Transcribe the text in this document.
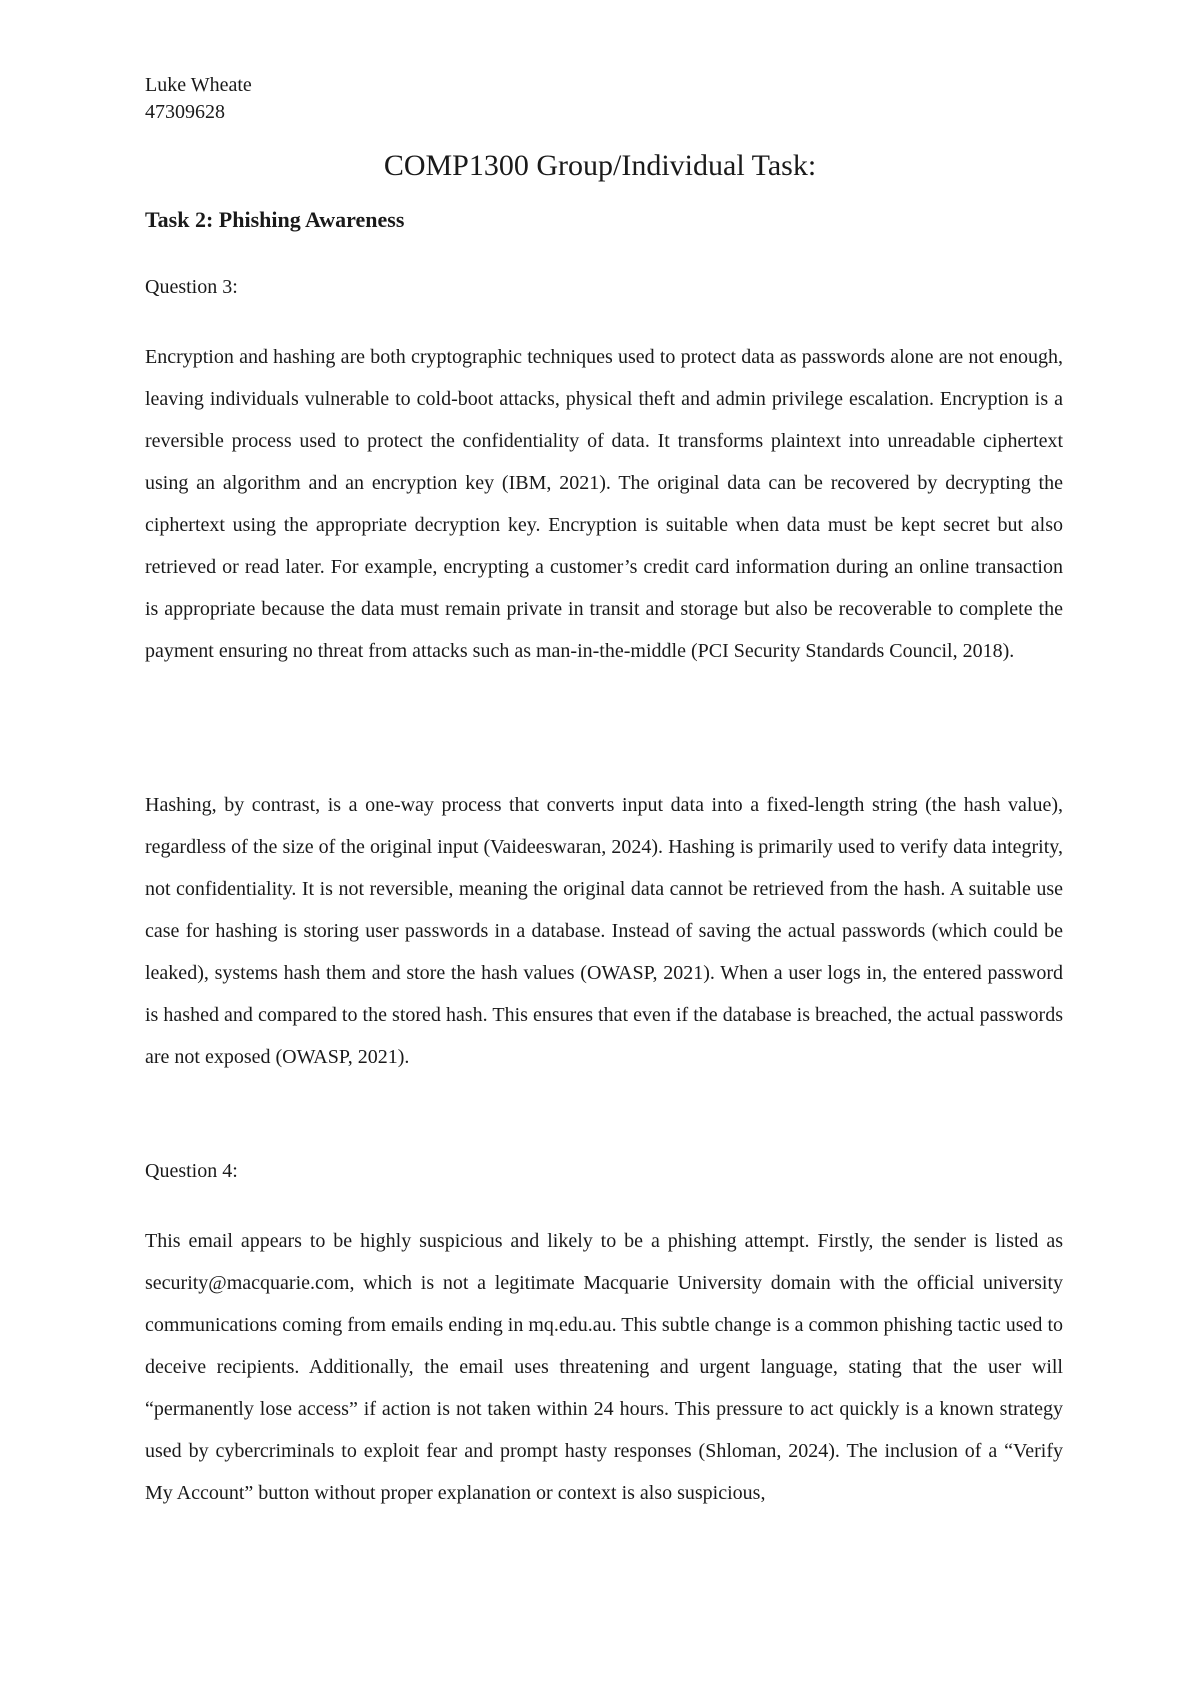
Luke Wheate
47309628
COMP1300 Group/Individual Task:
Task 2: Phishing Awareness
Question 3:

Encryption and hashing are both cryptographic techniques used to protect data as passwords alone are not enough, leaving individuals vulnerable to cold-boot attacks, physical theft and admin privilege escalation. Encryption is a reversible process used to protect the confidentiality of data. It transforms plaintext into unreadable ciphertext using an algorithm and an encryption key (IBM, 2021). The original data can be recovered by decrypting the ciphertext using the appropriate decryption key. Encryption is suitable when data must be kept secret but also retrieved or read later. For example, encrypting a customer’s credit card information during an online transaction is appropriate because the data must remain private in transit and storage but also be recoverable to complete the payment ensuring no threat from attacks such as man-in-the-middle (PCI Security Standards Council, 2018).

Hashing, by contrast, is a one-way process that converts input data into a fixed-length string (the hash value), regardless of the size of the original input (Vaideeswaran, 2024). Hashing is primarily used to verify data integrity, not confidentiality. It is not reversible, meaning the original data cannot be retrieved from the hash. A suitable use case for hashing is storing user passwords in a database. Instead of saving the actual passwords (which could be leaked), systems hash them and store the hash values (OWASP, 2021). When a user logs in, the entered password is hashed and compared to the stored hash. This ensures that even if the database is breached, the actual passwords are not exposed (OWASP, 2021).

Question 4:

This email appears to be highly suspicious and likely to be a phishing attempt. Firstly, the sender is listed as security@macquarie.com, which is not a legitimate Macquarie University domain with the official university communications coming from emails ending in mq.edu.au. This subtle change is a common phishing tactic used to deceive recipients. Additionally, the email uses threatening and urgent language, stating that the user will “permanently lose access” if action is not taken within 24 hours. This pressure to act quickly is a known strategy used by cybercriminals to exploit fear and prompt hasty responses (Shloman, 2024). The inclusion of a “Verify My Account” button without proper explanation or context is also suspicious,
